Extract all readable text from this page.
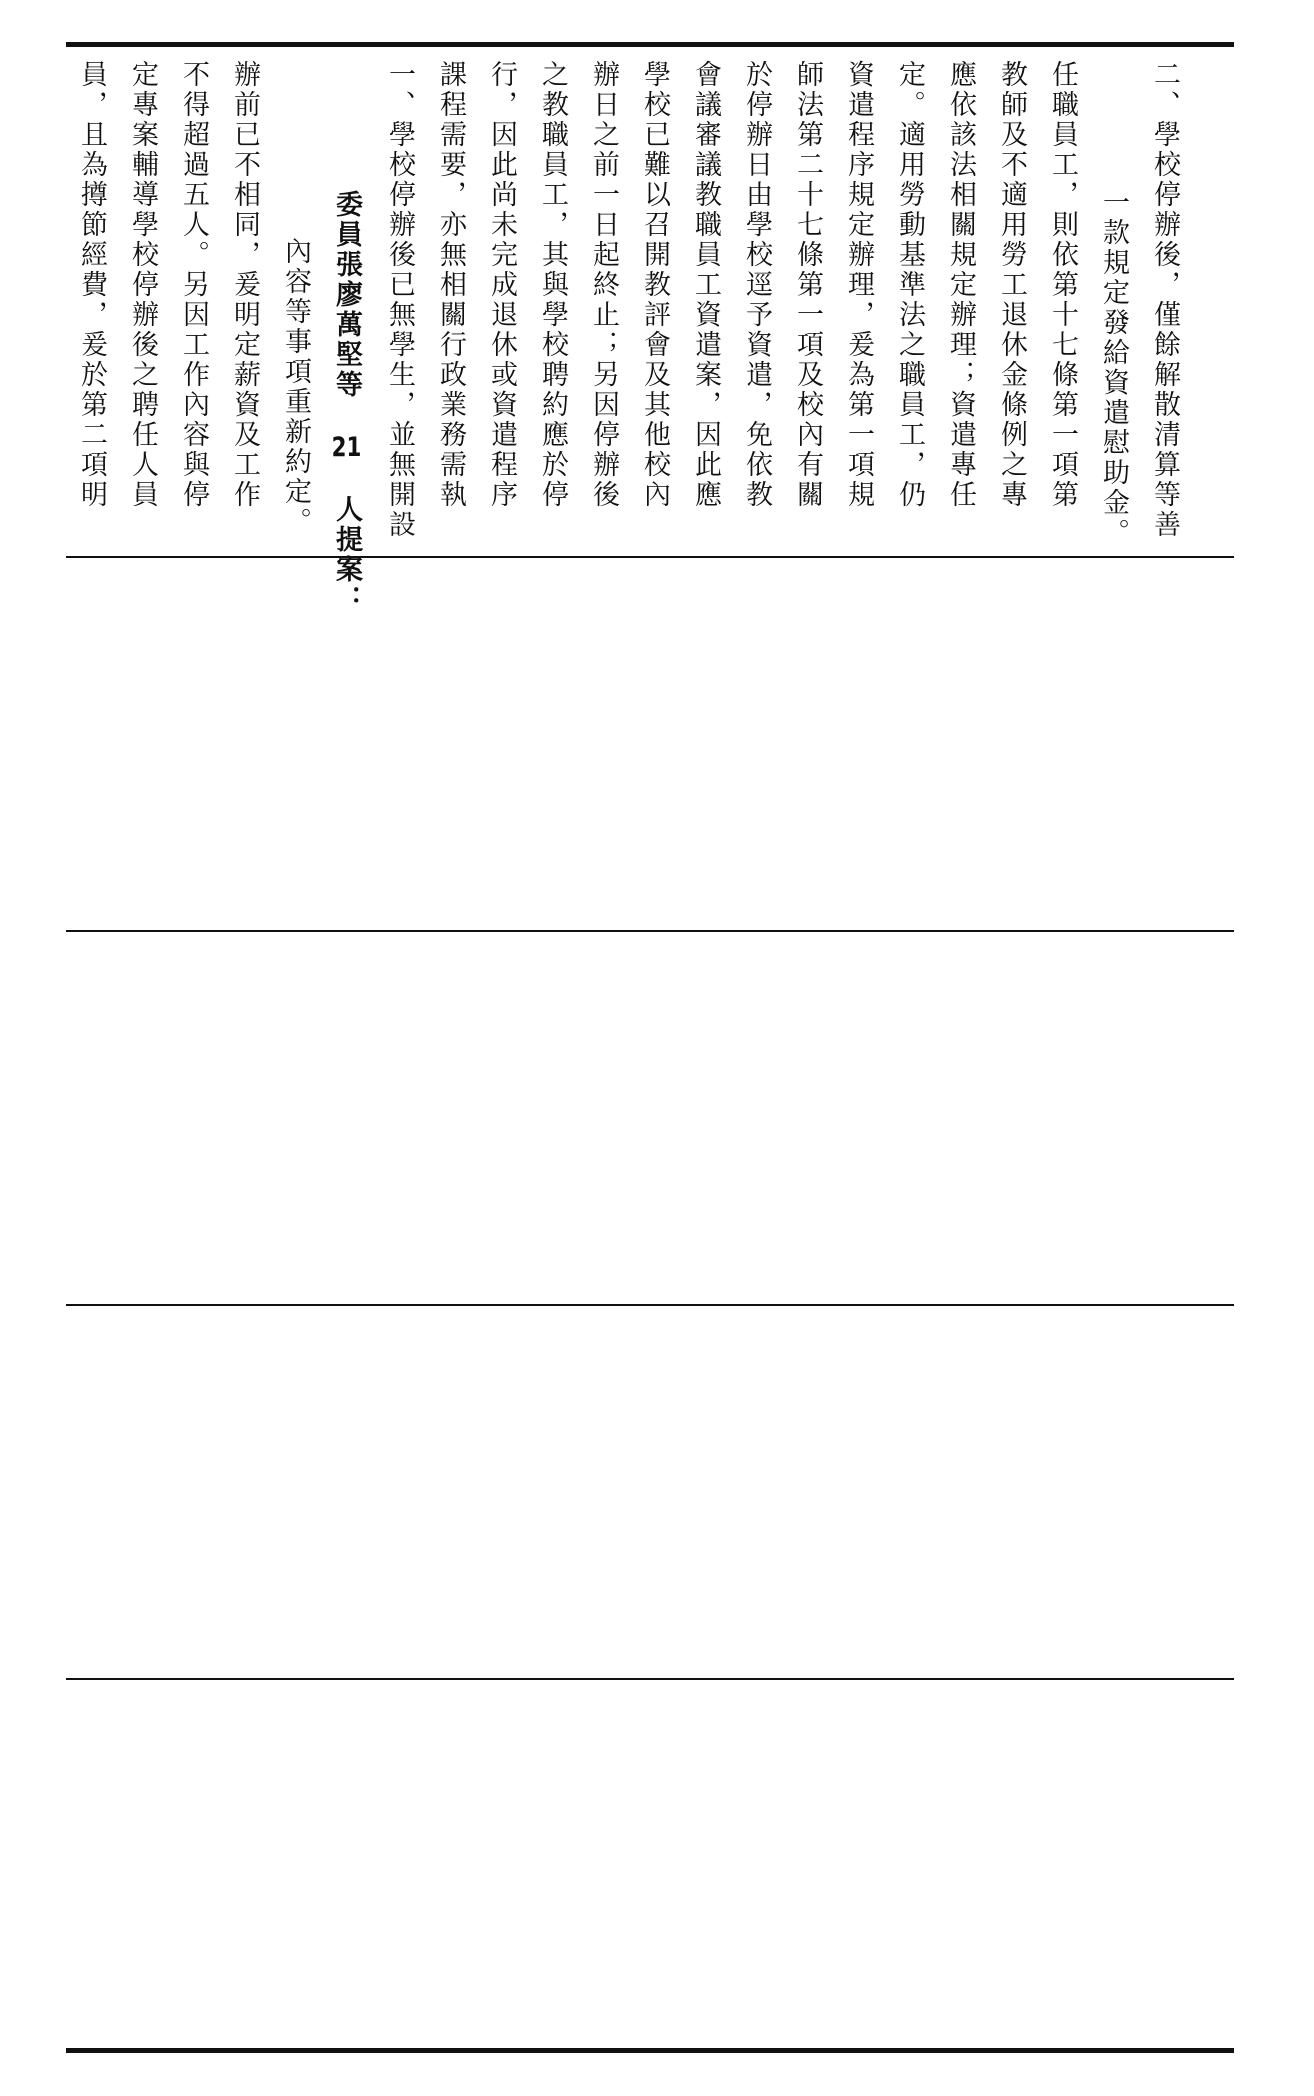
員，且為撙節經費，爰於第二項明 定專案輔導學校停辦後之聘任人員 不得超過五人。另因工作內容與停 辦前已不相同，爰明定薪資及工作 內容等事項重新約定。 委員張廖萬堅等 21 人提案： 一、學校停辦後已無學生，並無開設 課程需要，亦無相關行政業務需執 行，因此尚未完成退休或資遣程序 之教職員工，其與學校聘約應於停 辦日之前一日起終止；另因停辦後 學校已難以召開教評會及其他校內 會議審議教職員工資遣案，因此應 於停辦日由學校逕予資遣，免依教 師法第二十七條第一項及校內有關 資遣程序規定辦理，爰為第一項規 定。適用勞動基準法之職員工，仍 應依該法相關規定辦理；資遣專任 教師及不適用勞工退休金條例之專 任職員工，則依第十七條第一項第 一款規定發給資遣慰助金。 二、學校停辦後，僅餘解散清算等善
